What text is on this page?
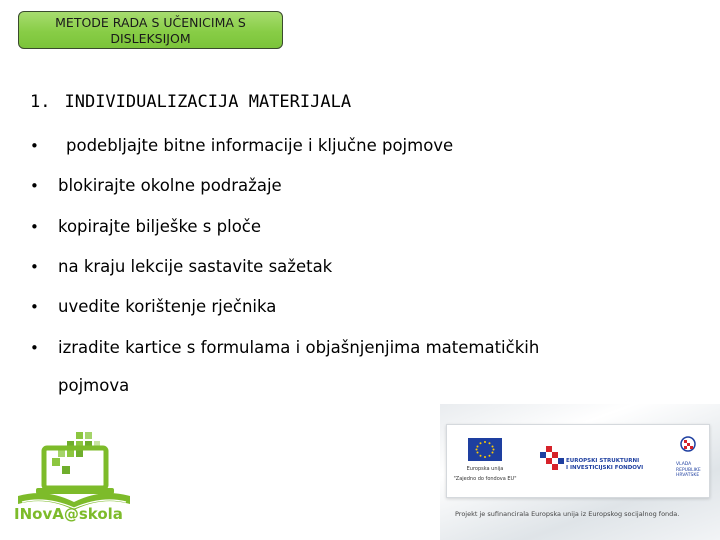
METODE RADA S UČENICIMA S
DISLEKSIJOM
1. INDIVIDUALIZACIJA MATERIJALA
• podebljajte bitne informacije i ključne pojmove
• blokirajte okolne podražaje
• kopirajte bilješke s ploče
• na kraju lekcije sastavite sažetak
• uvedite korištenje rječnika
• izradite kartice s formulama i objašnjenjima matematičkih
pojmova
INovA@skola
Europska unija
"Zajedno do fondova EU"
EUROPSKI STRUKTURNI
I INVESTICIJSKI FONDOVI
VLADA
REPUBLIKE
HRVATSKE
Projekt je sufinancirala Europska unija iz Europskog socijalnog fonda.
